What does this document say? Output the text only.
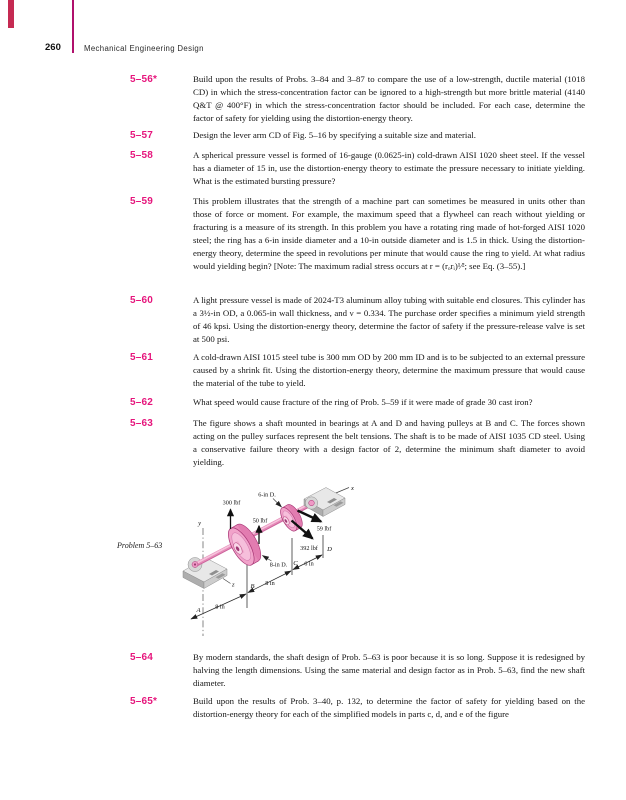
260	Mechanical Engineering Design
5–56*	Build upon the results of Probs. 3–84 and 3–87 to compare the use of a low-strength, ductile material (1018 CD) in which the stress-concentration factor can be ignored to a high-strength but more brittle material (4140 Q&T @ 400°F) in which the stress-concentration factor should be included. For each case, determine the factor of safety for yielding using the distortion-energy theory.
5–57	Design the lever arm CD of Fig. 5–16 by specifying a suitable size and material.
5–58	A spherical pressure vessel is formed of 16-gauge (0.0625-in) cold-drawn AISI 1020 sheet steel. If the vessel has a diameter of 15 in, use the distortion-energy theory to estimate the pressure necessary to initiate yielding. What is the estimated bursting pressure?
5–59	This problem illustrates that the strength of a machine part can sometimes be measured in units other than those of force or moment. For example, the maximum speed that a flywheel can reach without yielding or fracturing is a measure of its strength. In this problem you have a rotating ring made of hot-forged AISI 1020 steel; the ring has a 6-in inside diameter and a 10-in outside diameter and is 1.5 in thick. Using the distortion-energy theory, determine the speed in revolutions per minute that would cause the ring to yield. At what radius would yielding begin? [Note: The maximum radial stress occurs at r = (rₒrᵢ)¹∕²; see Eq. (3–55).]
5–60	A light pressure vessel is made of 2024-T3 aluminum alloy tubing with suitable end closures. This cylinder has a 3½-in OD, a 0.065-in wall thickness, and ν = 0.334. The purchase order specifies a minimum yield strength of 46 kpsi. Using the distortion-energy theory, determine the factor of safety if the pressure-release valve is set at 500 psi.
5–61	A cold-drawn AISI 1015 steel tube is 300 mm OD by 200 mm ID and is to be subjected to an external pressure caused by a shrink fit. Using the distortion-energy theory, determine the maximum pressure that would cause the material of the tube to yield.
5–62	What speed would cause fracture of the ring of Prob. 5–59 if it were made of grade 30 cast iron?
5–63	The figure shows a shaft mounted in bearings at A and D and having pulleys at B and C. The forces shown acting on the pulley surfaces represent the belt tensions. The shaft is to be made of AISI 1035 CD steel. Using a conservative failure theory with a design factor of 2, determine the minimum shaft diameter to avoid yielding.
Problem 5–63
x
y
A 8 in
B 8 in
C 6 in
D
z
300 lbf
50 lbf
59 lbf
392 lbf
6-in D.
8-in D.
5–64	By modern standards, the shaft design of Prob. 5–63 is poor because it is so long. Suppose it is redesigned by halving the length dimensions. Using the same material and design factor as in Prob. 5–63, find the new shaft diameter.
5–65*	Build upon the results of Prob. 3–40, p. 132, to determine the factor of safety for yielding based on the distortion-energy theory for each of the simplified models in parts c, d, and e of the figure
